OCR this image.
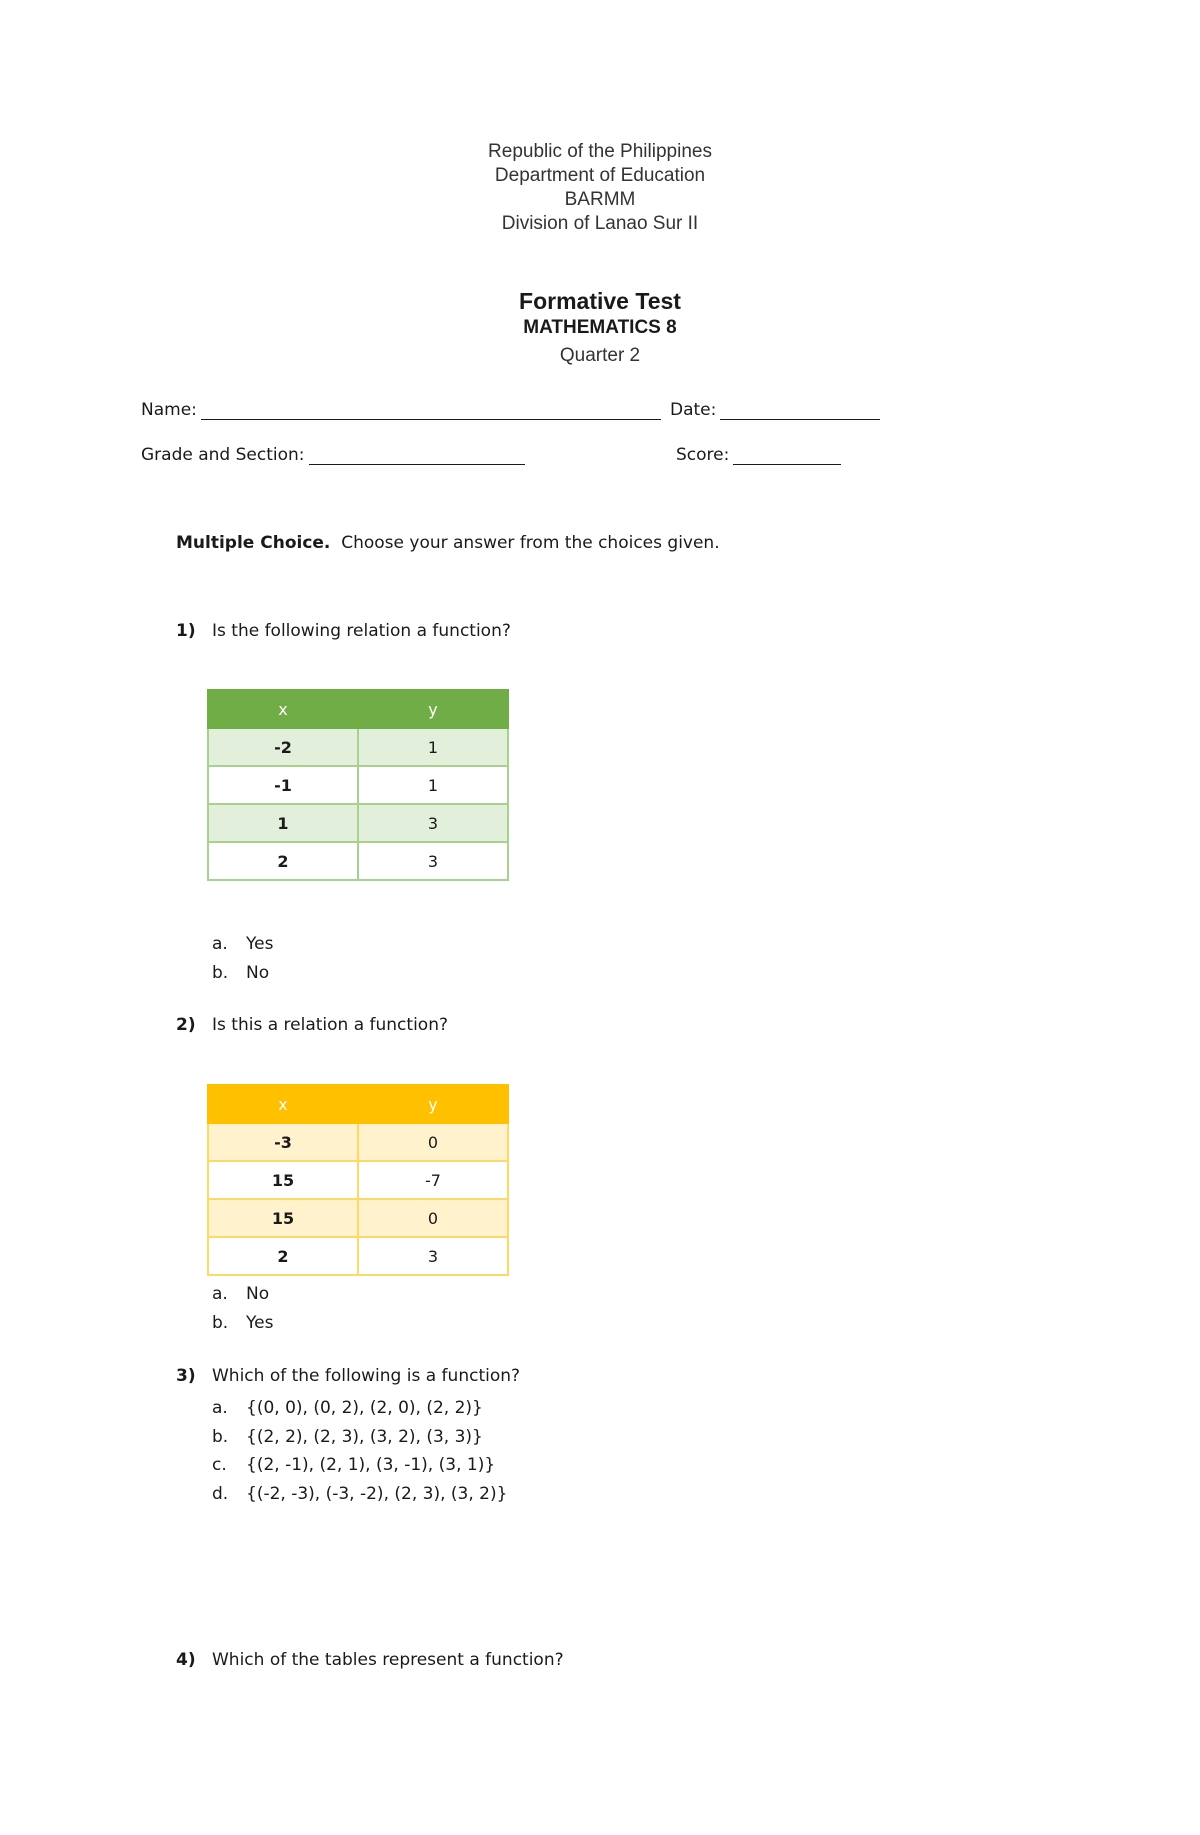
Republic of the Philippines
Department of Education
BARMM
Division of Lanao Sur II
Formative Test
MATHEMATICS 8
Quarter 2
Name:	Date:
Grade and Section:	Score:
Multiple Choice. Choose your answer from the choices given.
1) Is the following relation a function?
x	y
-2	1
-1	1
1	3
2	3
a. Yes
b. No
2) Is this a relation a function?
x	y
-3	0
15	-7
15	0
2	3
a. No
b. Yes
3) Which of the following is a function?
a. {(0, 0), (0, 2), (2, 0), (2, 2)}
b. {(2, 2), (2, 3), (3, 2), (3, 3)}
c. {(2, -1), (2, 1), (3, -1), (3, 1)}
d. {(-2, -3), (-3, -2), (2, 3), (3, 2)}
4) Which of the tables represent a function?
